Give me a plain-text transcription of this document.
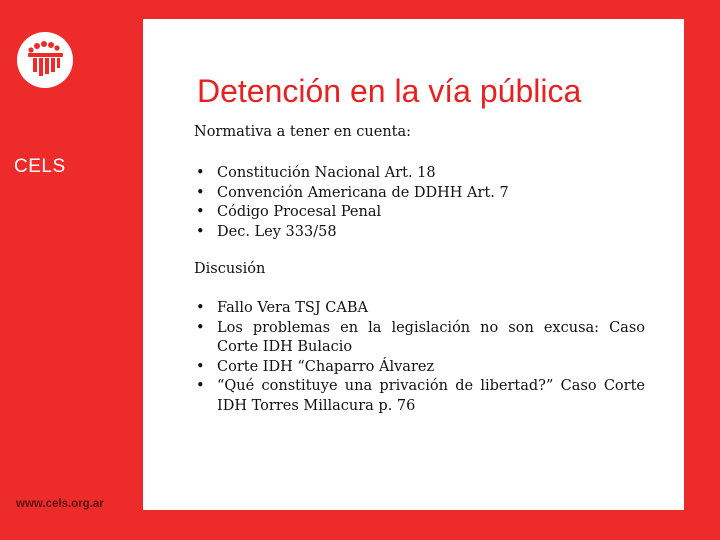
CELS
www.cels.org.ar
Detención en la vía pública
Normativa a tener en cuenta:
• Constitución Nacional Art. 18
• Convención Americana de DDHH Art. 7
• Código Procesal Penal
• Dec. Ley 333/58
Discusión
• Fallo Vera TSJ CABA
• Los problemas en la legislación no son excusa: Caso Corte IDH Bulacio
• Corte IDH “Chaparro Álvarez
• “Qué constituye una privación de libertad?” Caso Corte IDH Torres Millacura p. 76
